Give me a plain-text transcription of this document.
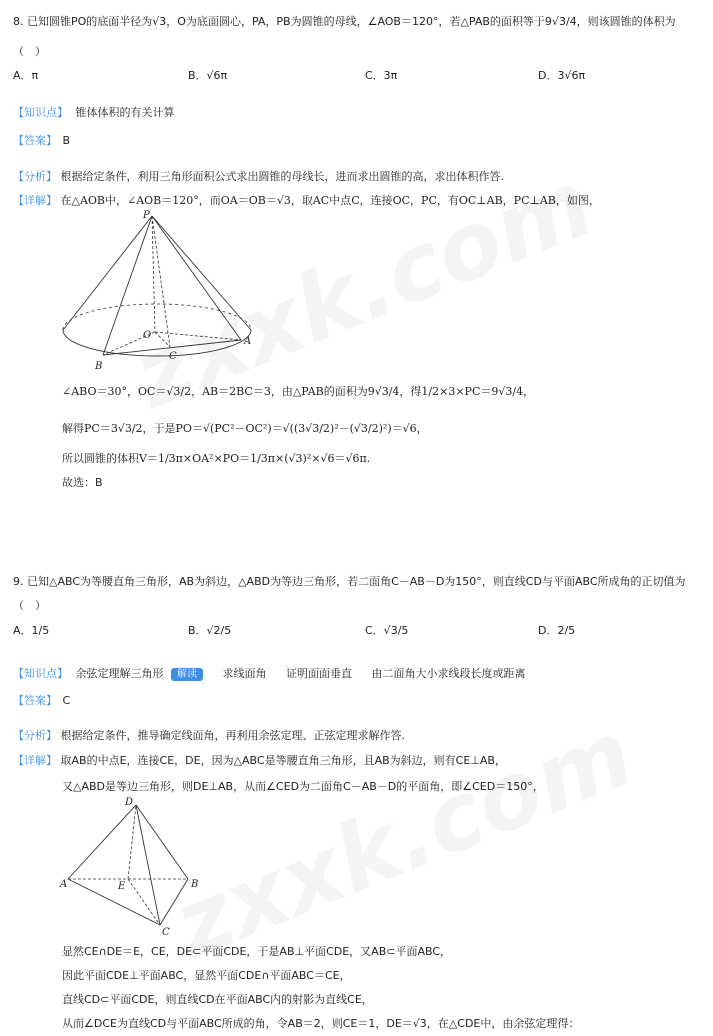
8. 已知圆锥PO的底面半径为√3，O为底面圆心，PA，PB为圆锥的母线，∠AOB＝120°，若△PAB的面积等于9√3/4，则该圆锥的体积为
（　）
A．π	B．√6π	C．3π	D．3√6π
【知识点】 锥体体积的有关计算
【答案】 B
【分析】 根据给定条件，利用三角形面积公式求出圆锥的母线长，进而求出圆锥的高，求出体积作答.
【详解】 在△AOB中，∠AOB＝120°，而OA＝OB＝√3，取AC中点C，连接OC，PC，有OC⊥AB，PC⊥AB，如图，
P
O
A
B
C
∠ABO＝30°，OC＝√3/2，AB＝2BC＝3，由△PAB的面积为9√3/4，得1/2×3×PC＝9√3/4，
解得PC＝3√3/2，于是PO＝√(PC²－OC²)＝√((3√3/2)²－(√3/2)²)＝√6，
所以圆锥的体积V＝1/3π×OA²×PO＝1/3π×(√3)²×√6＝√6π.
故选：B
9. 已知△ABC为等腰直角三角形，AB为斜边，△ABD为等边三角形，若二面角C－AB－D为150°，则直线CD与平面ABC所成角的正切值为
（　）
A．1/5	B．√2/5	C．√3/5	D．2/5
【知识点】 余弦定理解三角形 解读 求线面角 证明面面垂直 由二面角大小求线段长度或距离
【答案】 C
【分析】 根据给定条件，推导确定线面角，再利用余弦定理、正弦定理求解作答.
【详解】 取AB的中点E，连接CE，DE，因为△ABC是等腰直角三角形，且AB为斜边，则有CE⊥AB，
又△ABD是等边三角形，则DE⊥AB，从而∠CED为二面角C－AB－D的平面角，即∠CED＝150°，
D
A	E	B
C
显然CE∩DE＝E，CE，DE⊂平面CDE，于是AB⊥平面CDE，又AB⊂平面ABC，
因此平面CDE⊥平面ABC，显然平面CDE∩平面ABC＝CE，
直线CD⊂平面CDE，则直线CD在平面ABC内的射影为直线CE，
从而∠DCE为直线CD与平面ABC所成的角，令AB＝2，则CE＝1，DE＝√3，在△CDE中，由余弦定理得：
